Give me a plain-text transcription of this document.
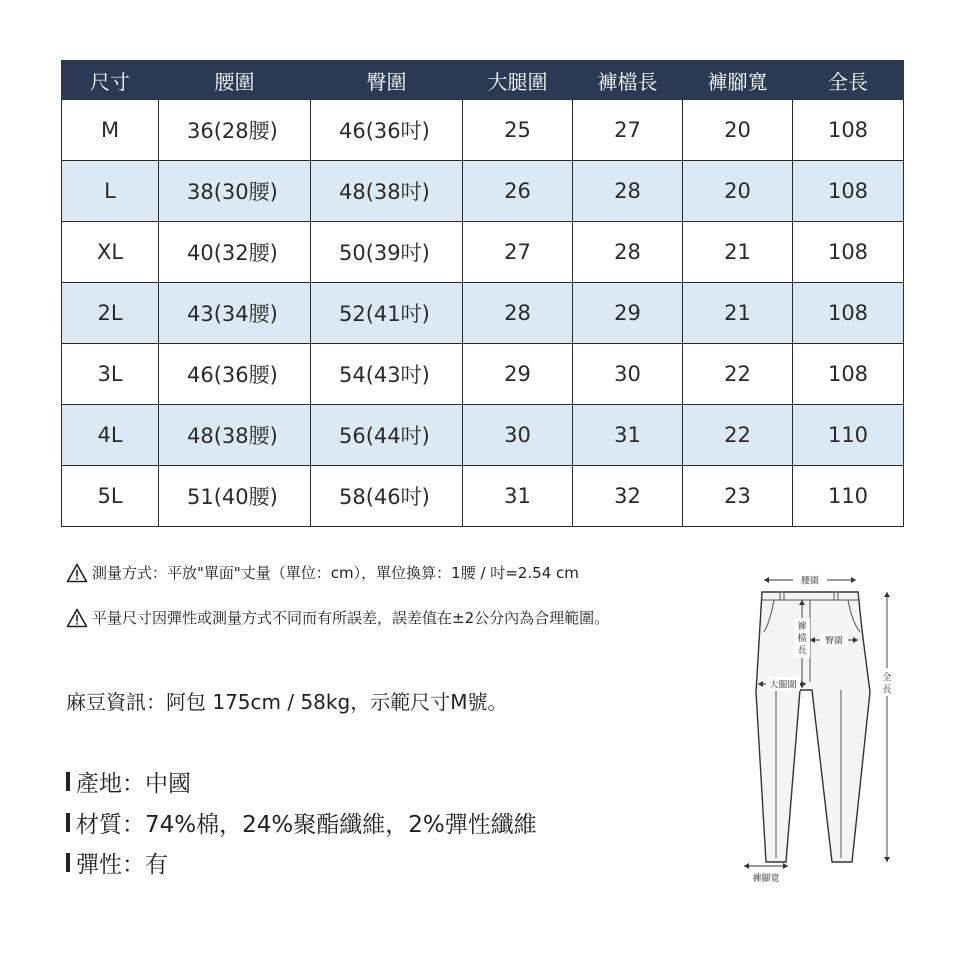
尺寸	腰圍	臀圍	大腿圍	褲檔長	褲腳寬	全長
M	36(28腰)	46(36吋)	25	27	20	108
L	38(30腰)	48(38吋)	26	28	20	108
XL	40(32腰)	50(39吋)	27	28	21	108
2L	43(34腰)	52(41吋)	28	29	21	108
3L	46(36腰)	54(43吋)	29	30	22	108
4L	48(38腰)	56(44吋)	30	31	22	110
5L	51(40腰)	58(46吋)	31	32	23	110
測量方式：平放"單面"丈量（單位：cm），單位換算：1腰 / 吋=2.54 cm
平量尺寸因彈性或測量方式不同而有所誤差，誤差值在±2公分內為合理範圍。
麻豆資訊：阿包 175cm / 58kg，示範尺寸M號。
產地：中國
材質：74%棉，24%聚酯纖維，2%彈性纖維
彈性：有
腰圍
褲
檔
長
臀圍
大腿圍
全
長
褲腳寬
